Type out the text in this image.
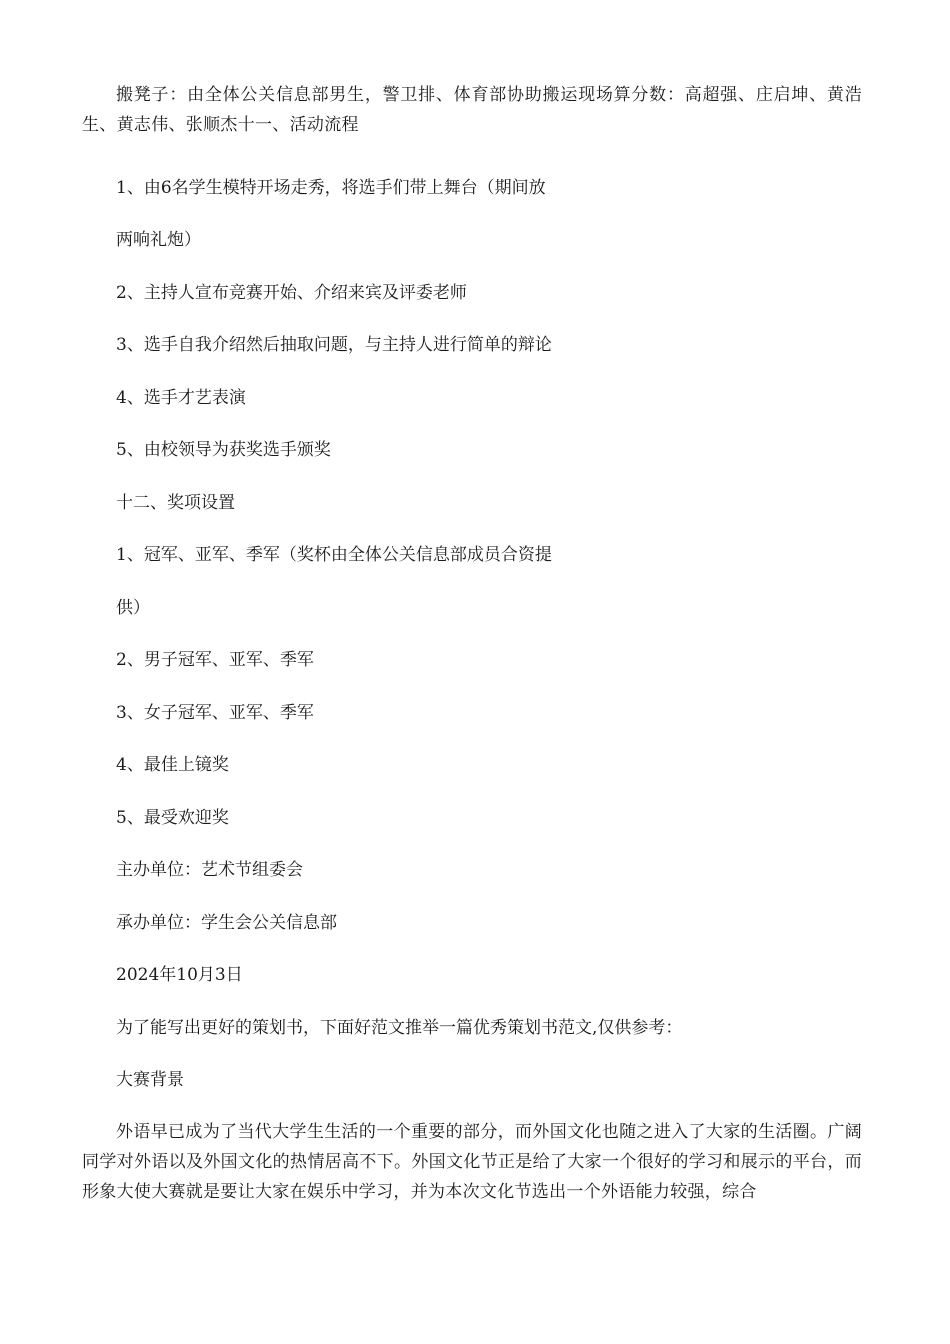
搬凳子：由全体公关信息部男生，警卫排、体育部协助搬运现场算分数：高超强、庄启坤、黄浩生、黄志伟、张顺杰十一、活动流程

1、由6名学生模特开场走秀，将选手们带上舞台（期间放

两响礼炮）

2、主持人宣布竞赛开始、介绍来宾及评委老师

3、选手自我介绍然后抽取问题，与主持人进行简单的辩论

4、选手才艺表演

5、由校领导为获奖选手颁奖

十二、奖项设置

1、冠军、亚军、季军（奖杯由全体公关信息部成员合资提

供）

2、男子冠军、亚军、季军

3、女子冠军、亚军、季军

4、最佳上镜奖

5、最受欢迎奖

主办单位：艺术节组委会

承办单位：学生会公关信息部

2024年10月3日

为了能写出更好的策划书，下面好范文推举一篇优秀策划书范文,仅供参考：

大赛背景

外语早已成为了当代大学生生活的一个重要的部分，而外国文化也随之进入了大家的生活圈。广阔同学对外语以及外国文化的热情居高不下。外国文化节正是给了大家一个很好的学习和展示的平台，而形象大使大赛就是要让大家在娱乐中学习，并为本次文化节选出一个外语能力较强，综合
